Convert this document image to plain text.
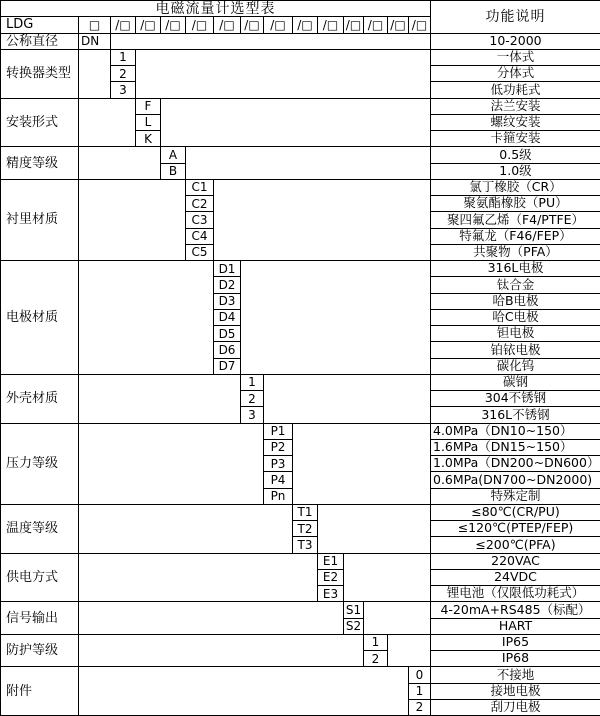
电磁流量计选型表
功能说明
LDG	□	/□ /□ /□ /□	/□ /□ /□ /□ /□ /□ /□ /□ /□
公称直径	DN	10-2000
转换器类型
1	一体式
2	分体式
3	低功耗式
安装形式
F	法兰安装
L	螺纹安装
K	卡箍安装
精度等级
A	0.5级
B	1.0级
衬里材质
C1	氯丁橡胶（CR）
C2	聚氨酯橡胶（PU）
C3	聚四氟乙烯（F4/PTFE）
C4	特氟龙（F46/FEP）
C5	共聚物（PFA）
电极材质
D1	316L电极
D2	钛合金
D3	哈B电极
D4	哈C电极
D5	钽电极
D6	铂铱电极
D7	碳化钨
外壳材质
1	碳钢
2	304不锈钢
3	316L不锈钢
压力等级
P1	4.0MPa（DN10~150）
P2	1.6MPa（DN15~150）
P3	1.0MPa（DN200~DN600）
P4	0.6MPa(DN700~DN2000)
Pn	特殊定制
温度等级
T1	≤80℃(CR/PU)
T2	≤120℃(PTEP/FEP)
T3	≤200℃(PFA)
供电方式
E1	220VAC
E2	24VDC
E3	锂电池（仅限低功耗式）
信号输出
S1	4-20mA+RS485（标配）
S2	HART
防护等级
1	IP65
2	IP68
附件
0	不接地
1	接地电极
2	刮刀电极
